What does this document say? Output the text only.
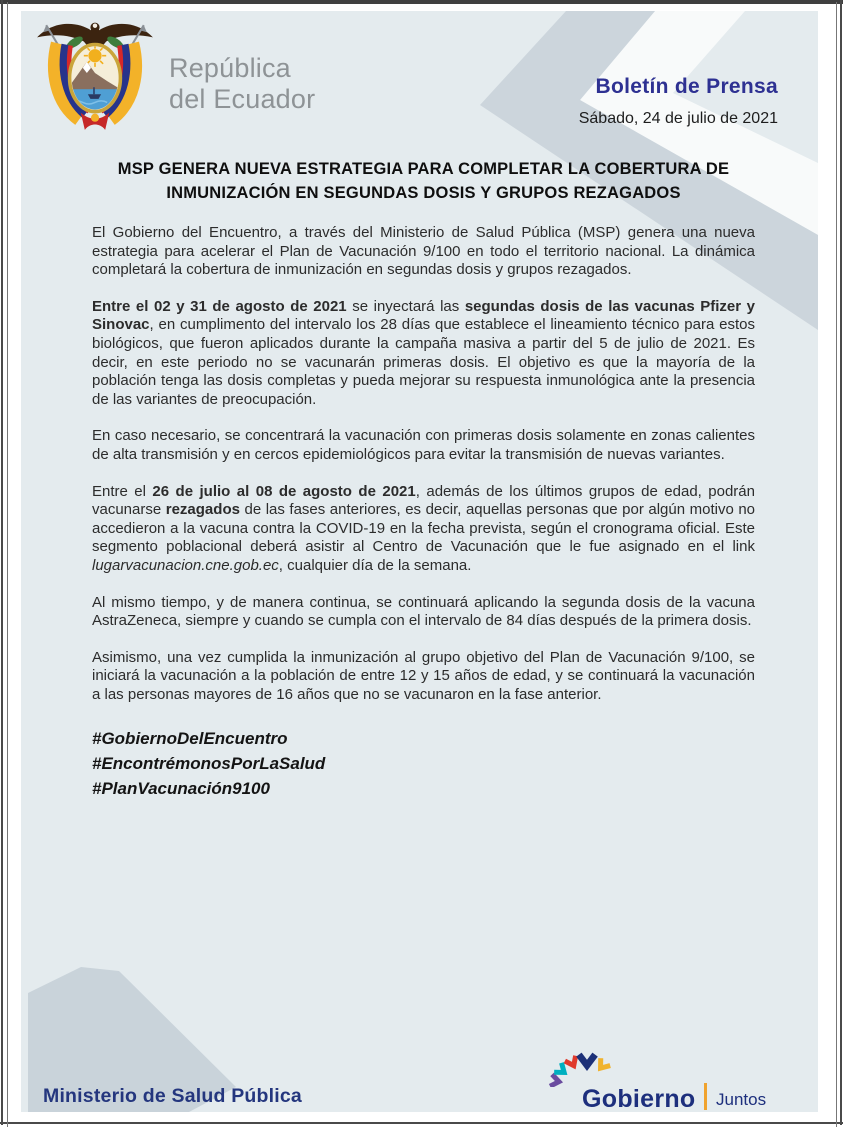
República
del Ecuador	Boletín de Prensa
Sábado, 24 de julio de 2021
MSP GENERA NUEVA ESTRATEGIA PARA COMPLETAR LA COBERTURA DE
INMUNIZACIÓN EN SEGUNDAS DOSIS Y GRUPOS REZAGADOS

El Gobierno del Encuentro, a través del Ministerio de Salud Pública (MSP) genera una nueva estrategia para acelerar el Plan de Vacunación 9/100 en todo el territorio nacional. La dinámica completará la cobertura de inmunización en segundas dosis y grupos rezagados.

Entre el 02 y 31 de agosto de 2021 se inyectará las segundas dosis de las vacunas Pfizer y Sinovac, en cumplimento del intervalo los 28 días que establece el lineamiento técnico para estos biológicos, que fueron aplicados durante la campaña masiva a partir del 5 de julio de 2021. Es decir, en este periodo no se vacunarán primeras dosis. El objetivo es que la mayoría de la población tenga las dosis completas y pueda mejorar su respuesta inmunológica ante la presencia de las variantes de preocupación.

En caso necesario, se concentrará la vacunación con primeras dosis solamente en zonas calientes de alta transmisión y en cercos epidemiológicos para evitar la transmisión de nuevas variantes.

Entre el 26 de julio al 08 de agosto de 2021, además de los últimos grupos de edad, podrán vacunarse rezagados de las fases anteriores, es decir, aquellas personas que por algún motivo no accedieron a la vacuna contra la COVID-19 en la fecha prevista, según el cronograma oficial. Este segmento poblacional deberá asistir al Centro de Vacunación que le fue asignado en el link lugarvacunacion.cne.gob.ec, cualquier día de la semana.

Al mismo tiempo, y de manera continua, se continuará aplicando la segunda dosis de la vacuna AstraZeneca, siempre y cuando se cumpla con el intervalo de 84 días después de la primera dosis.

Asimismo, una vez cumplida la inmunización al grupo objetivo del Plan de Vacunación 9/100, se iniciará la vacunación a la población de entre 12 y 15 años de edad, y se continuará la vacunación a las personas mayores de 16 años que no se vacunaron en la fase anterior.

#GobiernoDelEncuentro
#EncontrémonosPorLaSalud
#PlanVacunación9100
Ministerio de Salud Pública	Gobierno Juntos
